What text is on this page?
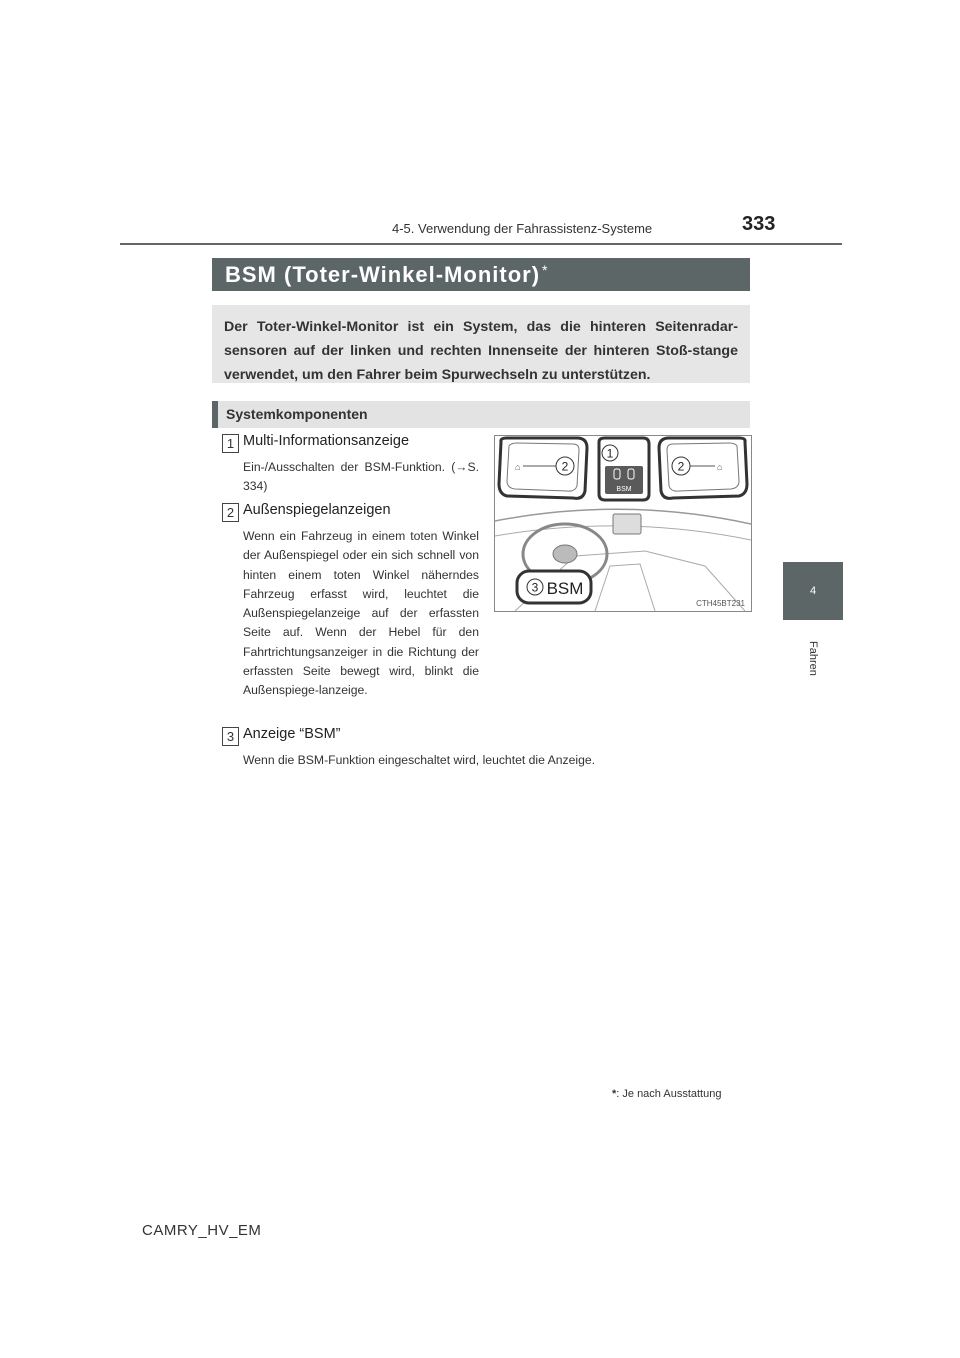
4-5. Verwendung der Fahrassistenz-Systeme	333
4
Fahren
BSM (Toter-Winkel-Monitor) *
Der Toter-Winkel-Monitor ist ein System, das die hinteren Seitenradar-sensoren auf der linken und rechten Innenseite der hinteren Stoß-stange verwendet, um den Fahrer beim Spurwechseln zu unterstützen.
Systemkomponenten
1 Multi-Informationsanzeige
Ein-/Ausschalten der BSM-Funktion. (→S. 334)
2 Außenspiegelanzeigen
Wenn ein Fahrzeug in einem toten Winkel der Außenspiegel oder ein sich schnell von hinten einem toten Winkel näherndes Fahrzeug erfasst wird, leuchtet die Außenspiegelanzeige auf der erfassten Seite auf. Wenn der Hebel für den Fahrtrichtungsanzeiger in die Richtung der erfassten Seite bewegt wird, blinkt die Außenspiege-lanzeige.
3 Anzeige “BSM”
Wenn die BSM-Funktion eingeschaltet wird, leuchtet die Anzeige.
⌂	⌂
2	2
1
BSM
3 BSM
CTH45BT231
*: Je nach Ausstattung
CAMRY_HV_EM
